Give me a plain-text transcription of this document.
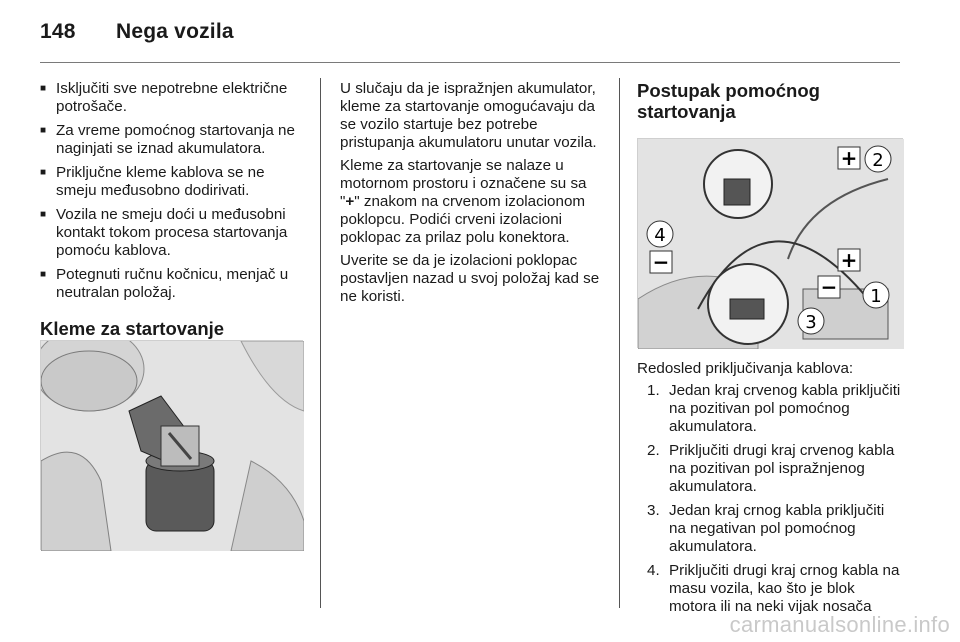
148 Nega vozila
■ Isključiti sve nepotrebne električne potrošače.
■ Za vreme pomoćnog startovanja ne naginjati se iznad akumulatora.
■ Priključne kleme kablova se ne smeju međusobno dodirivati.
■ Vozila ne smeju doći u međusobni kontakt tokom procesa startovanja pomoću kablova.
■ Potegnuti ručnu kočnicu, menjač u neutralan položaj.
Kleme za startovanje

U slučaju da je ispražnjen akumulator, kleme za startovanje omogućavaju da se vozilo startuje bez potrebe pristupanja akumulatoru unutar vozila.

Kleme za startovanje se nalaze u motornom prostoru i označene su sa "+" znakom na crvenom izolacionom poklopcu. Podići crveni izolacioni poklopac za prilaz polu konektora.

Uverite se da je izolacioni poklopac postavljen nazad u svoj položaj kad se ne koristi.

Postupak pomoćnog startovanja
+ 2
+
1
−
3
4
−

Redosled priključivanja kablova:

1. Jedan kraj crvenog kabla priključiti na pozitivan pol pomoćnog akumulatora.
2. Priključiti drugi kraj crvenog kabla na pozitivan pol ispražnjenog akumulatora.
3. Jedan kraj crnog kabla priključiti na negativan pol pomoćnog akumulatora.
4. Priključiti drugi kraj crnog kabla na masu vozila, kao što je blok motora ili na neki vijak nosača
carmanualsonline.info
